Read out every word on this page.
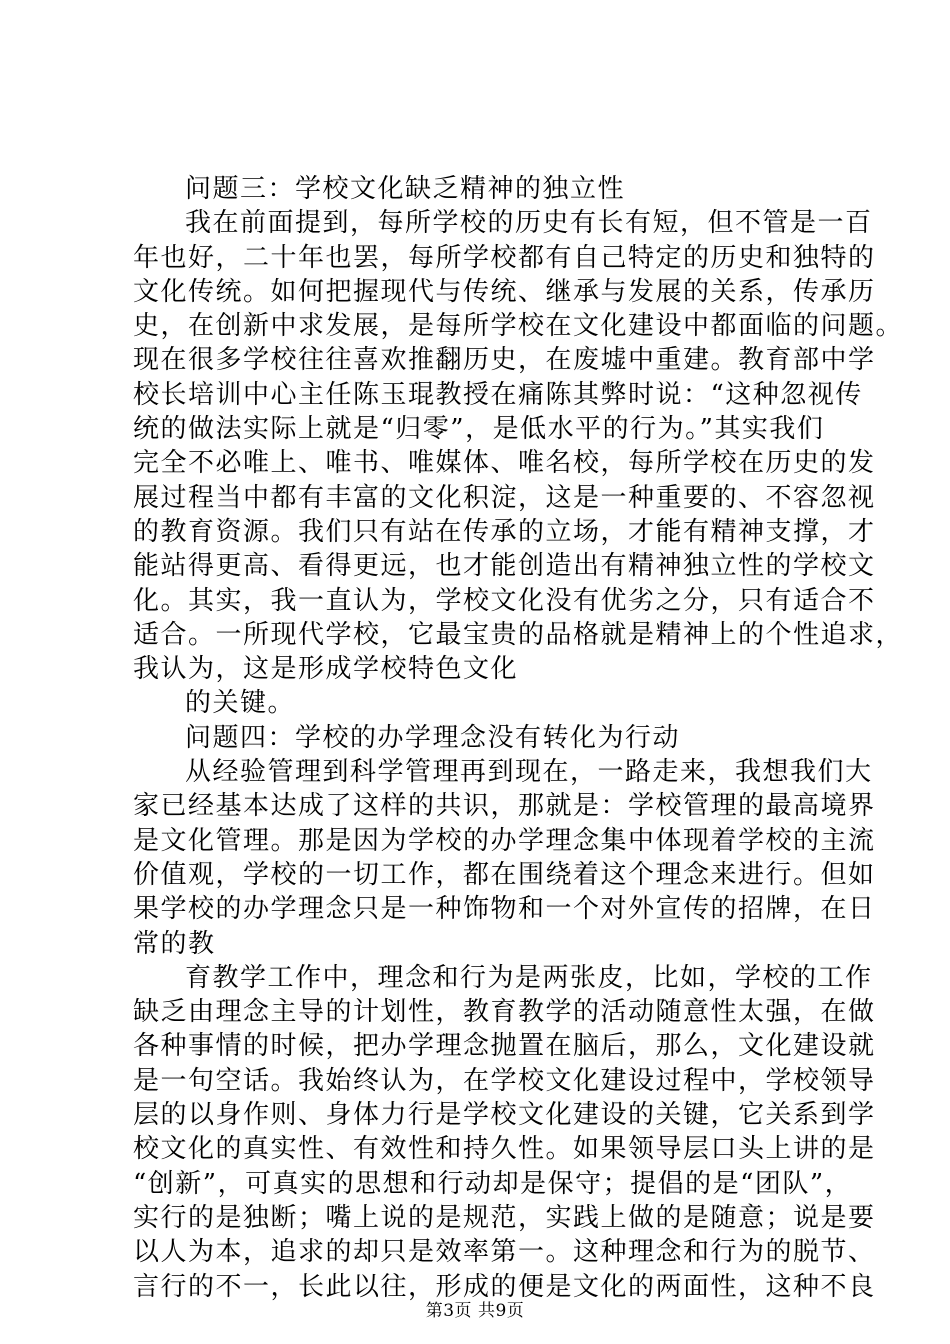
问题三：学校文化缺乏精神的独立性
我在前面提到，每所学校的历史有长有短，但不管是一百
年也好，二十年也罢，每所学校都有自己特定的历史和独特的
文化传统。如何把握现代与传统、继承与发展的关系，传承历
史，在创新中求发展，是每所学校在文化建设中都面临的问题。
现在很多学校往往喜欢推翻历史，在废墟中重建。教育部中学
校长培训中心主任陈玉琨教授在痛陈其弊时说：“这种忽视传
统的做法实际上就是“归零”，是低水平的行为。”其实我们
完全不必唯上、唯书、唯媒体、唯名校，每所学校在历史的发
展过程当中都有丰富的文化积淀，这是一种重要的、不容忽视
的教育资源。我们只有站在传承的立场，才能有精神支撑，才
能站得更高、看得更远，也才能创造出有精神独立性的学校文
化。其实，我一直认为，学校文化没有优劣之分，只有适合不
适合。一所现代学校，它最宝贵的品格就是精神上的个性追求，
我认为，这是形成学校特色文化
的关键。
问题四：学校的办学理念没有转化为行动
从经验管理到科学管理再到现在，一路走来，我想我们大
家已经基本达成了这样的共识，那就是：学校管理的最高境界
是文化管理。那是因为学校的办学理念集中体现着学校的主流
价值观，学校的一切工作，都在围绕着这个理念来进行。但如
果学校的办学理念只是一种饰物和一个对外宣传的招牌，在日
常的教
育教学工作中，理念和行为是两张皮，比如，学校的工作
缺乏由理念主导的计划性，教育教学的活动随意性太强，在做
各种事情的时候，把办学理念抛置在脑后，那么，文化建设就
是一句空话。我始终认为，在学校文化建设过程中，学校领导
层的以身作则、身体力行是学校文化建设的关键，它关系到学
校文化的真实性、有效性和持久性。如果领导层口头上讲的是
“创新”，可真实的思想和行动却是保守；提倡的是“团队”，
实行的是独断；嘴上说的是规范，实践上做的是随意；说是要
以人为本，追求的却只是效率第一。这种理念和行为的脱节、
言行的不一，长此以往，形成的便是文化的两面性，这种不良
第3页 共9页
